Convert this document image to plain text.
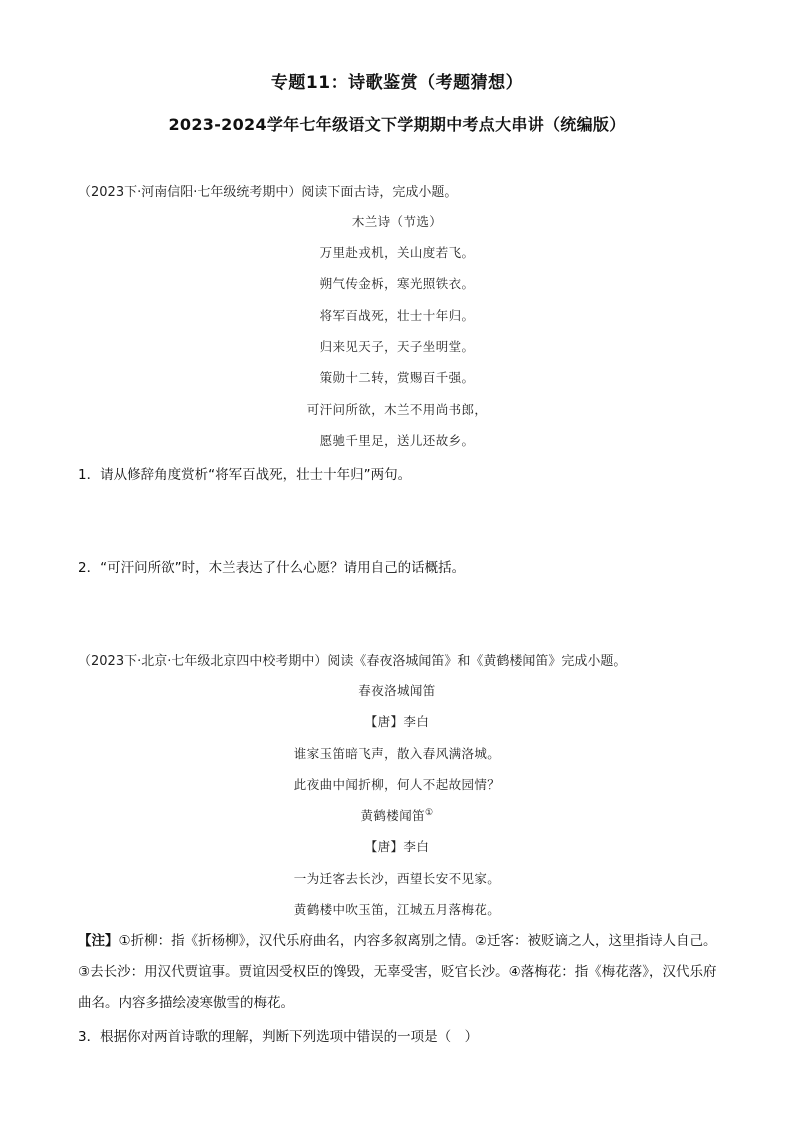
专题11：诗歌鉴赏（考题猜想）
2023-2024学年七年级语文下学期期中考点大串讲（统编版）
（2023下·河南信阳·七年级统考期中）阅读下面古诗，完成小题。
木兰诗（节选）
万里赴戎机，关山度若飞。
朔气传金柝，寒光照铁衣。
将军百战死，壮士十年归。
归来见天子，天子坐明堂。
策勋十二转，赏赐百千强。
可汗问所欲，木兰不用尚书郎，
愿驰千里足，送儿还故乡。
1．请从修辞角度赏析“将军百战死，壮士十年归”两句。
2．“可汗问所欲”时，木兰表达了什么心愿？请用自己的话概括。
（2023下·北京·七年级北京四中校考期中）阅读《春夜洛城闻笛》和《黄鹤楼闻笛》完成小题。
春夜洛城闻笛
【唐】李白
谁家玉笛暗飞声，散入春风满洛城。
此夜曲中闻折柳，何人不起故园情？
黄鹤楼闻笛①
【唐】李白
一为迁客去长沙，西望长安不见家。
黄鹤楼中吹玉笛，江城五月落梅花。
【注】①折柳：指《折杨柳》，汉代乐府曲名，内容多叙离别之情。②迁客：被贬谪之人，这里指诗人自己。③去长沙：用汉代贾谊事。贾谊因受权臣的馋毁，无辜受害，贬官长沙。④落梅花：指《梅花落》，汉代乐府曲名。内容多描绘凌寒傲雪的梅花。
3．根据你对两首诗歌的理解，判断下列选项中错误的一项是（　）
